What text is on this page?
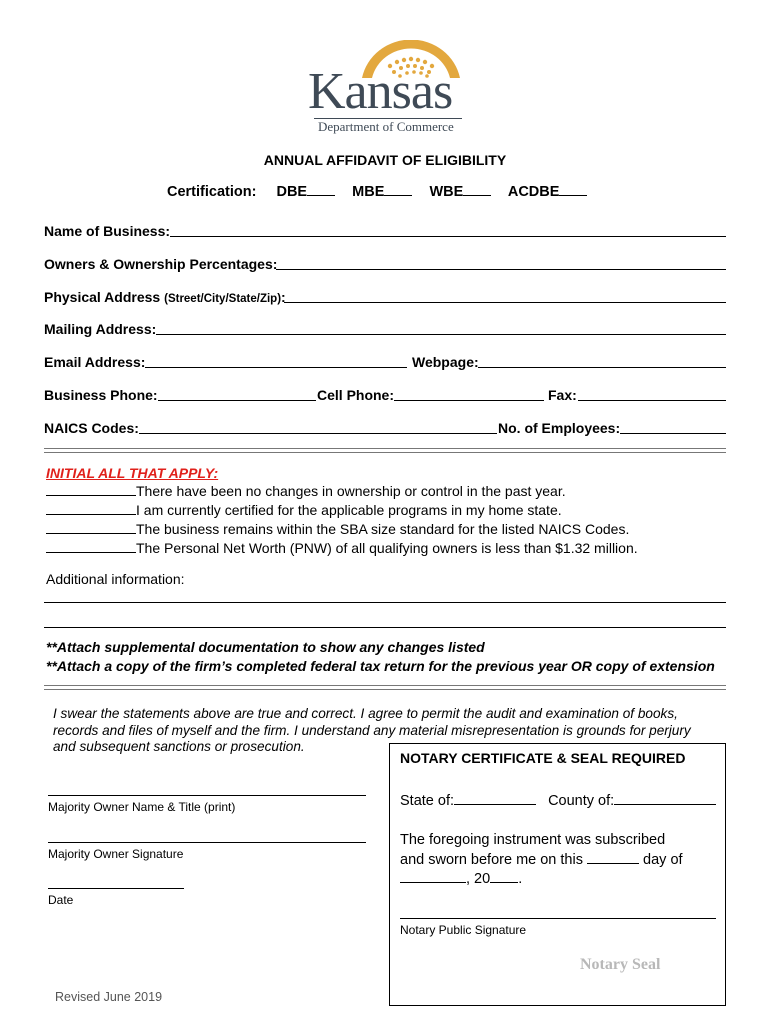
Kansas
Department of Commerce
ANNUAL AFFIDAVIT OF ELIGIBILITY
Certification: DBE	MBE	WBE	ACDBE
Name of Business:
Owners & Ownership Percentages:
Physical Address (Street/City/State/Zip):
Mailing Address:
Email Address:	Webpage:
Business Phone:	Cell Phone:	Fax:
NAICS Codes:	No. of Employees:
INITIAL ALL THAT APPLY:
There have been no changes in ownership or control in the past year.
I am currently certified for the applicable programs in my home state.
The business remains within the SBA size standard for the listed NAICS Codes.
The Personal Net Worth (PNW) of all qualifying owners is less than $1.32 million.
Additional information:
**Attach supplemental documentation to show any changes listed
**Attach a copy of the firm’s completed federal tax return for the previous year OR copy of extension
I swear the statements above are true and correct. I agree to permit the audit and examination of books,
records and files of myself and the firm. I understand any material misrepresentation is grounds for perjury
and subsequent sanctions or prosecution.
Majority Owner Name & Title (print)
Majority Owner Signature
Date
NOTARY CERTIFICATE & SEAL REQUIRED
State of:	County of:
The foregoing instrument was subscribed
and sworn before me on this	day of
, 20 .
Notary Public Signature
Notary Seal
Revised June 2019
